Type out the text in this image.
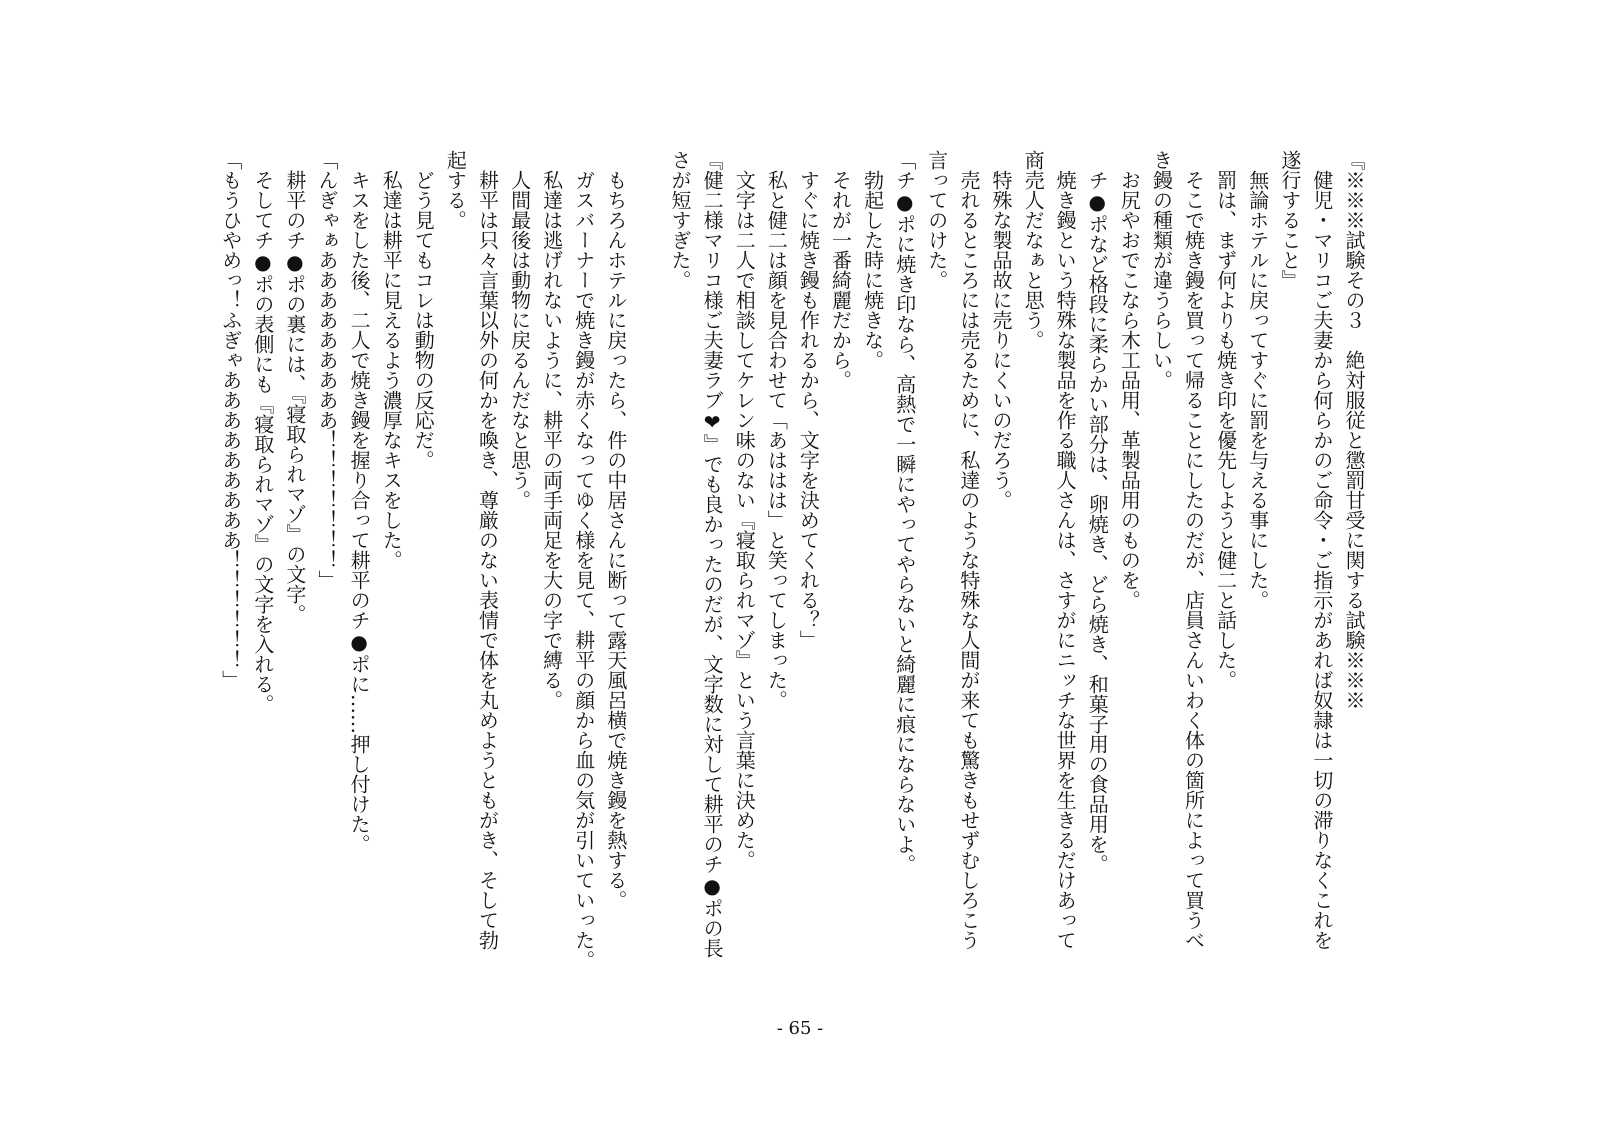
『※※※試験その３　絶対服従と懲罰甘受に関する試験※※※
　健児・マリコご夫妻から何らかのご命令・ご指示があれば奴隷は一切の滞りなくこれを
遂行すること』
　無論ホテルに戻ってすぐに罰を与える事にした。
　罰は、まず何よりも焼き印を優先しようと健二と話した。
　そこで焼き鏝を買って帰ることにしたのだが、店員さんいわく体の箇所によって買うべ
き鏝の種類が違うらしい。
　お尻やおでこなら木工品用、革製品用のものを。
　チ●ポなど格段に柔らかい部分は、卵焼き、どら焼き、和菓子用の食品用を。
　焼き鏝という特殊な製品を作る職人さんは、さすがにニッチな世界を生きるだけあって
商売人だなぁと思う。
　特殊な製品故に売りにくいのだろう。
　売れるところには売るために、私達のような特殊な人間が来ても驚きもせずむしろこう
言ってのけた。
「チ●ポに焼き印なら、高熱で一瞬にやってやらないと綺麗に痕にならないよ。
　勃起した時に焼きな。
　それが一番綺麗だから。
　すぐに焼き鏝も作れるから、文字を決めてくれる？」
　私と健二は顔を見合わせて「あははは」と笑ってしまった。
　文字は二人で相談してケレン味のない『寝取られマゾ』という言葉に決めた。
『健二様マリコ様ご夫妻ラブ❤』でも良かったのだが、文字数に対して耕平のチ●ポの長
さが短すぎた。
　もちろんホテルに戻ったら、件の中居さんに断って露天風呂横で焼き鏝を熱する。
　ガスバーナーで焼き鏝が赤くなってゆく様を見て、耕平の顔から血の気が引いていった。
　私達は逃げれないように、耕平の両手両足を大の字で縛る。
　人間最後は動物に戻るんだなと思う。
　耕平は只々言葉以外の何かを喚き、尊厳のない表情で体を丸めようともがき、そして勃
起する。
　どう見てもコレは動物の反応だ。
　私達は耕平に見えるよう濃厚なキスをした。
　キスをした後、二人で焼き鏝を握り合って耕平のチ●ポに……押し付けた。
「んぎゃぁあああああああああ！！！！！！！」
　耕平のチ●ポの裏には、『寝取られマゾ』の文字。
　そしてチ●ポの表側にも『寝取られマゾ』の文字を入れる。
「もうひやめっ！ふぎゃあああああああああ！！！！！！」
- 65 -
